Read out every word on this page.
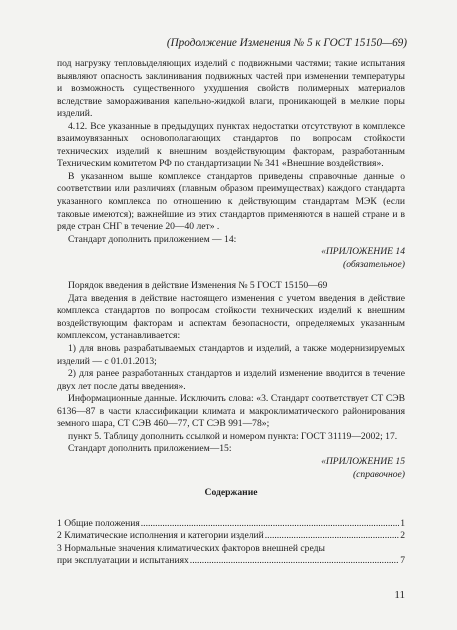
(Продолжение Изменения № 5 к ГОСТ 15150—69)

под нагрузку тепловыделяющих изделий с подвижными частями; такие испытания выявляют опасность заклинивания подвижных частей при изменении температуры и возможность существенного ухудшения свойств полимерных материалов вследствие замораживания капельно-жидкой влаги, проникающей в мелкие поры изделий.

4.12. Все указанные в предыдущих пунктах недостатки отсутствуют в комплексе взаимоувязанных основополагающих стандартов по вопросам стойкости технических изделий к внешним воздействующим факторам, разработанным Техническим комитетом РФ по стандартизации № 341 «Внешние воздействия».

В указанном выше комплексе стандартов приведены справочные данные о соответствии или различиях (главным образом преимуществах) каждого стандарта указанного комплекса по отношению к действующим стандартам МЭК (если таковые имеются); важнейшие из этих стандартов применяются в нашей стране и в ряде стран СНГ в течение 20—40 лет» .

Стандарт дополнить приложением — 14:

«ПРИЛОЖЕНИЕ 14

(обязательное)

Порядок введения в действие Изменения № 5 ГОСТ 15150—69

Дата введения в действие настоящего изменения с учетом введения в действие комплекса стандартов по вопросам стойкости технических изделий к внешним воздействующим факторам и аспектам безопасности, определяемых указанным комплексом, устанавливается:

1) для вновь разрабатываемых стандартов и изделий, а также модернизируемых изделий — с 01.01.2013;

2) для ранее разработанных стандартов и изделий изменение вводится в течение двух лет после даты введения».

Информационные данные. Исключить слова: «3. Стандарт соответствует СТ СЭВ 6136—87 в части классификации климата и макроклиматического районирования земного шара, СТ СЭВ 460—77, СТ СЭВ 991—78»;

пункт 5. Таблицу дополнить ссылкой и номером пункта: ГОСТ 31119—2002; 17.

Стандарт дополнить приложением—15:

«ПРИЛОЖЕНИЕ 15

(справочное)

Содержание

1 Общие положения .....	1
2 Климатические исполнения и категории изделий .....	2
3 Нормальные значения климатических факторов внешней среды
при эксплуатации и испытаниях .....	7
11
